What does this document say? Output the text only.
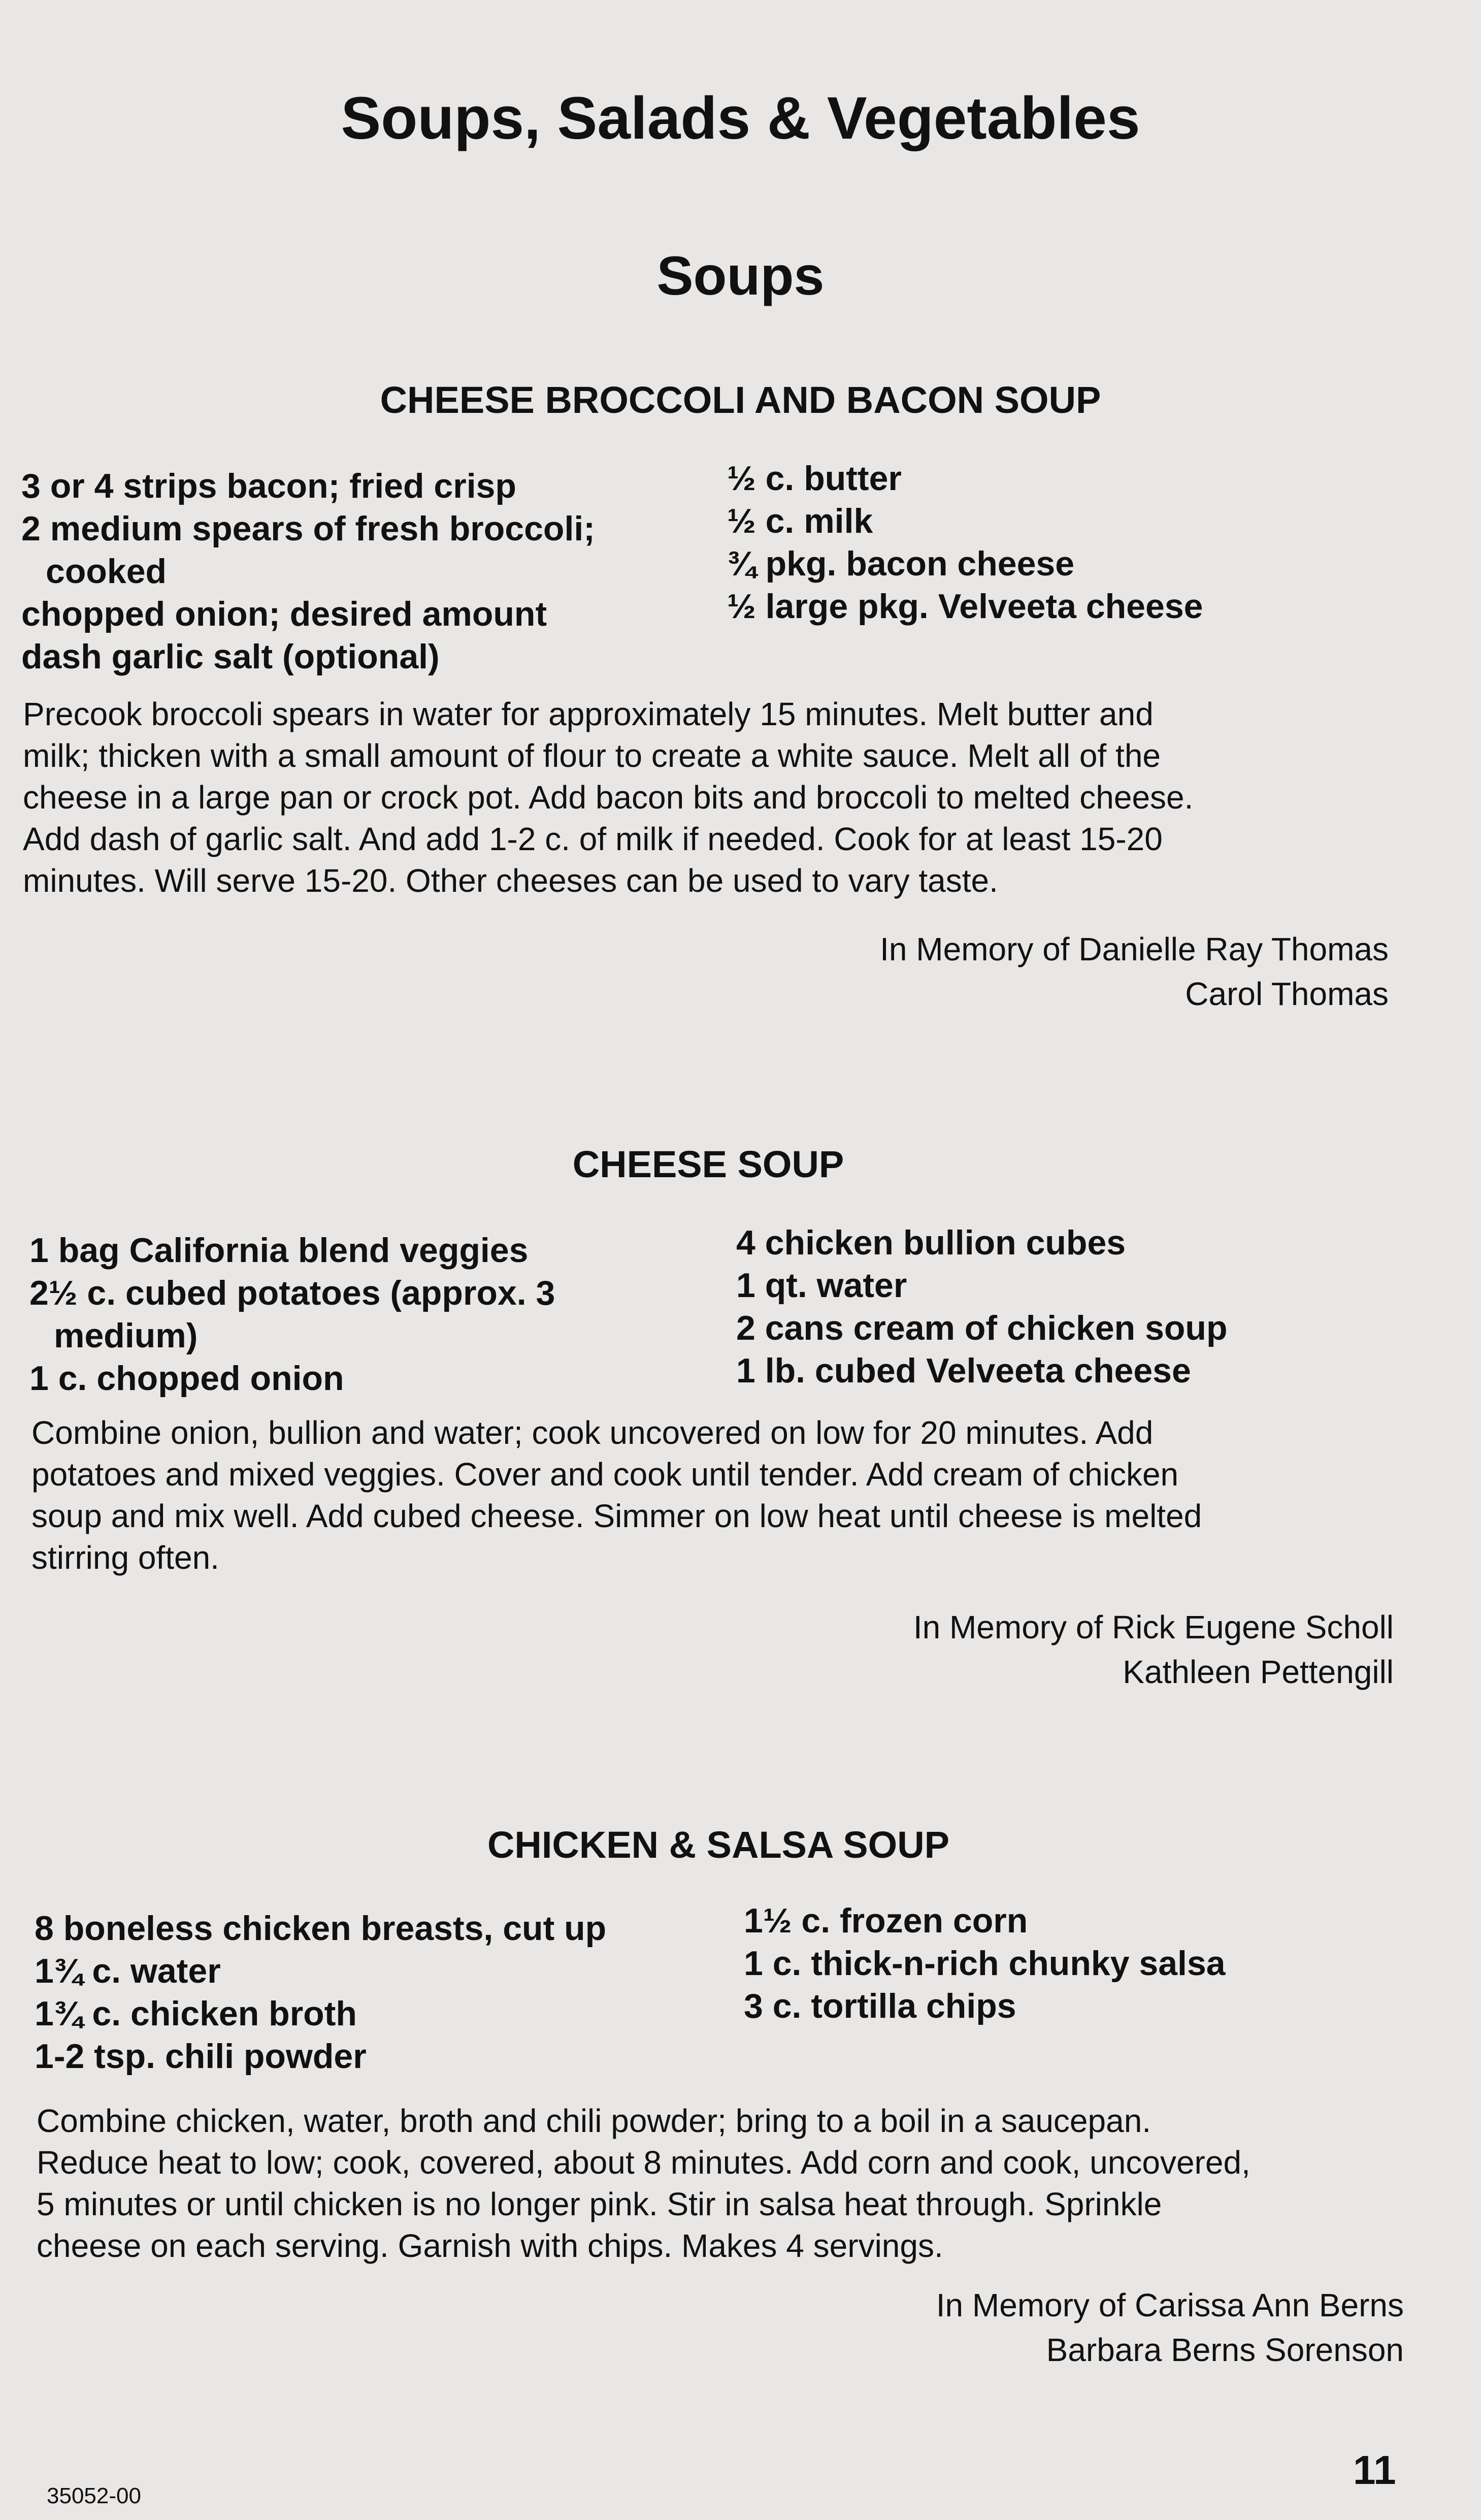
Soups, Salads & Vegetables
Soups
CHEESE BROCCOLI AND BACON SOUP
3 or 4 strips bacon; fried crisp
2 medium spears of fresh broccoli;
cooked
chopped onion; desired amount
dash garlic salt (optional)
½ c. butter
½ c. milk
¾ pkg. bacon cheese
½ large pkg. Velveeta cheese
Precook broccoli spears in water for approximately 15 minutes. Melt butter and
milk; thicken with a small amount of flour to create a white sauce. Melt all of the
cheese in a large pan or crock pot. Add bacon bits and broccoli to melted cheese.
Add dash of garlic salt. And add 1-2 c. of milk if needed. Cook for at least 15-20
minutes. Will serve 15-20. Other cheeses can be used to vary taste.
In Memory of Danielle Ray Thomas
Carol Thomas
CHEESE SOUP
1 bag California blend veggies
2½ c. cubed potatoes (approx. 3
medium)
1 c. chopped onion
4 chicken bullion cubes
1 qt. water
2 cans cream of chicken soup
1 lb. cubed Velveeta cheese
Combine onion, bullion and water; cook uncovered on low for 20 minutes. Add
potatoes and mixed veggies. Cover and cook until tender. Add cream of chicken
soup and mix well. Add cubed cheese. Simmer on low heat until cheese is melted
stirring often.
In Memory of Rick Eugene Scholl
Kathleen Pettengill
CHICKEN & SALSA SOUP
8 boneless chicken breasts, cut up
1¾ c. water
1¾ c. chicken broth
1-2 tsp. chili powder
1½ c. frozen corn
1 c. thick-n-rich chunky salsa
3 c. tortilla chips
Combine chicken, water, broth and chili powder; bring to a boil in a saucepan.
Reduce heat to low; cook, covered, about 8 minutes. Add corn and cook, uncovered,
5 minutes or until chicken is no longer pink. Stir in salsa heat through. Sprinkle
cheese on each serving. Garnish with chips. Makes 4 servings.
In Memory of Carissa Ann Berns
Barbara Berns Sorenson
35052-00
11
